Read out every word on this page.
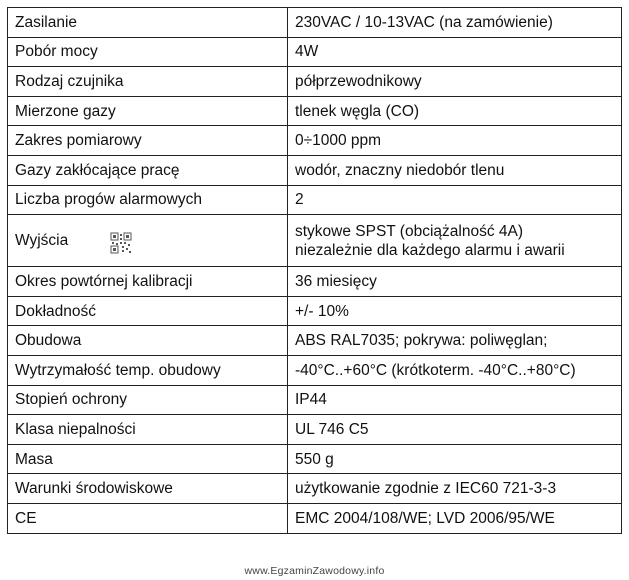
Zasilanie	230VAC / 10-13VAC (na zamówienie)
Pobór mocy	4W
Rodzaj czujnika	półprzewodnikowy
Mierzone gazy	tlenek węgla (CO)
Zakres pomiarowy	0÷1000 ppm
Gazy zakłócające pracę	wodór, znaczny niedobór tlenu
Liczba progów alarmowych	2
Wyjścia	stykowe SPST (obciążalność 4A)
niezależnie dla każdego alarmu i awarii

Okres powtórnej kalibracji	36 miesięcy
Dokładność	+/- 10%
Obudowa	ABS RAL7035; pokrywa: poliwęglan;
Wytrzymałość temp. obudowy	-40°C..+60°C (krótkoterm. -40°C..+80°C)
Stopień ochrony	IP44
Klasa niepalności	UL 746 C5
Masa	550 g
Warunki środowiskowe	użytkowanie zgodnie z IEC60 721-3-3
CE	EMC 2004/108/WE; LVD 2006/95/WE
www.EgzaminZawodowy.info
